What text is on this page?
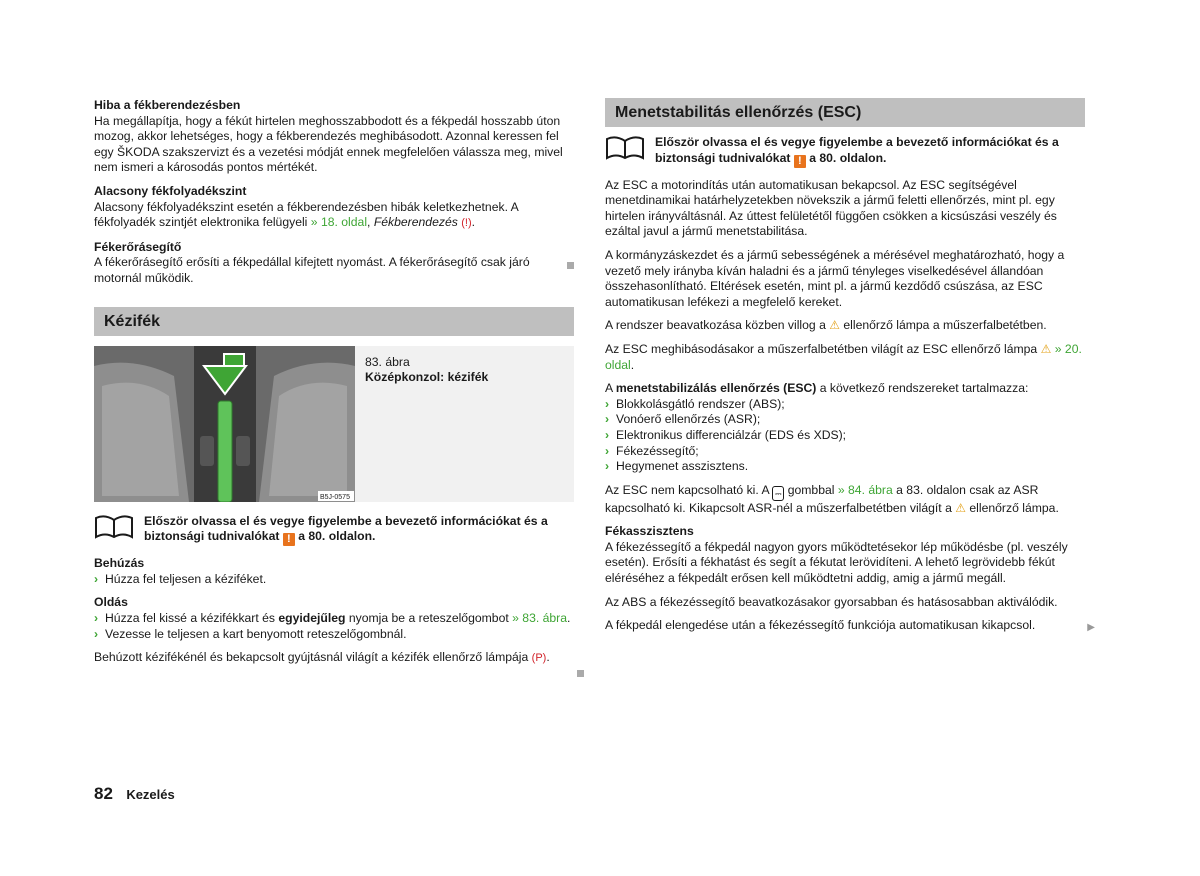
Hiba a fékberendezésben

Ha megállapítja, hogy a fékút hirtelen meghosszabbodott és a fékpedál hosszabb úton mozog, akkor lehetséges, hogy a fékberendezés meghibásodott. Azonnal keressen fel egy ŠKODA szakszervizt és a vezetési módját ennek megfelelően válassza meg, mivel nem ismeri a károsodás pontos mértékét.

Alacsony fékfolyadékszint

Alacsony fékfolyadékszint esetén a fékberendezésben hibák keletkezhetnek. A fékfolyadék szintjét elektronika felügyeli » 18. oldal, Fékberendezés (!).

Fékerőrásegítő

A fékerőrásegítő erősíti a fékpedállal kifejtett nyomást. A fékerőrásegítő csak járó motornál működik.

Kézifék
B5J-0575

83. ábra

Középkonzol: kézifék

Először olvassa el és vegye figyelembe a bevezető információkat és a biztonsági tudnivalókat ! a 80. oldalon.

Behúzás

› Húzza fel teljesen a kéziféket.

Oldás

› Húzza fel kissé a kézifékkart és egyidejűleg nyomja be a reteszelőgombot » 83. ábra.
› Vezesse le teljesen a kart benyomott reteszelőgombnál.

Behúzott kézifékénél és bekapcsolt gyújtásnál világít a kézifék ellenőrző lámpája (P).

Menetstabilitás ellenőrzés (ESC)

Először olvassa el és vegye figyelembe a bevezető információkat és a biztonsági tudnivalókat ! a 80. oldalon.

Az ESC a motorindítás után automatikusan bekapcsol. Az ESC segítségével menetdinamikai határhelyzetekben növekszik a jármű feletti ellenőrzés, mint pl. egy hirtelen irányváltásnál. Az úttest felületétől függően csökken a kicsúszási veszély és ezáltal javul a jármű menetstabilitása.

A kormányzáskezdet és a jármű sebességének a mérésével meghatározható, hogy a vezető mely irányba kíván haladni és a jármű tényleges viselkedésével állandóan összehasonlítható. Eltérések esetén, mint pl. a jármű kezdődő csúszása, az ESC automatikusan lefékezi a megfelelő kereket.

A rendszer beavatkozása közben villog a ⚠ ellenőrző lámpa a műszerfalbetétben.

Az ESC meghibásodásakor a műszerfalbetétben világít az ESC ellenőrző lámpa ⚠ » 20. oldal.

A menetstabilizálás ellenőrzés (ESC) a következő rendszereket tartalmazza:

› Blokkolásgátló rendszer (ABS);
› Vonóerő ellenőrzés (ASR);
› Elektronikus differenciálzár (EDS és XDS);
› Fékezéssegítő;
› Hegymenet asszisztens.

Az ESC nem kapcsolható ki. A ⎓ gombbal » 84. ábra a 83. oldalon csak az ASR kapcsolható ki. Kikapcsolt ASR-nél a műszerfalbetétben világít a ⚠ ellenőrző lámpa.

Fékasszisztens

A fékezéssegítő a fékpedál nagyon gyors működtetésekor lép működésbe (pl. veszély esetén). Erősíti a fékhatást és segít a fékutat lerövidíteni. A lehető legrövidebb fékút eléréséhez a fékpedált erősen kell működtetni addig, amig a jármű megáll.

Az ABS a fékezéssegítő beavatkozásakor gyorsabban és hatásosabban aktiválódik.

A fékpedál elengedése után a fékezéssegítő funkciója automatikusan kikapcsol.	▶
82 Kezelés
